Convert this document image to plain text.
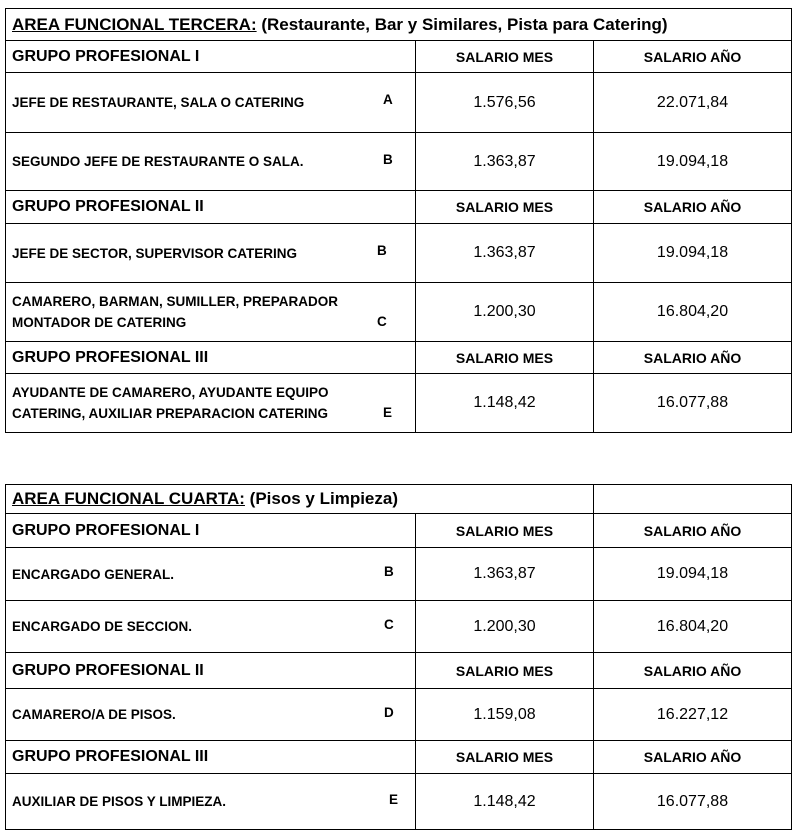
AREA FUNCIONAL TERCERA: (Restaurante, Bar y Similares, Pista para Catering)		
GRUPO PROFESIONAL I	SALARIO MES	SALARIO AÑO

JEFE DE RESTAURANTE, SALA O CATERING A	1.576,56	22.071,84

SEGUNDO JEFE DE RESTAURANTE O SALA. B	1.363,87	19.094,18
GRUPO PROFESIONAL II	SALARIO MES	SALARIO AÑO

JEFE DE SECTOR, SUPERVISOR CATERING B	1.363,87	19.094,18

CAMARERO, BARMAN, SUMILLER, PREPARADOR
MONTADOR DE CATERING C	1.200,30	16.804,20
GRUPO PROFESIONAL III	SALARIO MES	SALARIO AÑO

AYUDANTE DE CAMARERO, AYUDANTE EQUIPO
CATERING, AUXILIAR PREPARACION CATERING E	1.148,42	16.077,88
AREA FUNCIONAL CUARTA: (Pisos y Limpieza)		
GRUPO PROFESIONAL I	SALARIO MES	SALARIO AÑO

ENCARGADO GENERAL. B	1.363,87	19.094,18

ENCARGADO DE SECCION. C	1.200,30	16.804,20
GRUPO PROFESIONAL II	SALARIO MES	SALARIO AÑO

CAMARERO/A DE PISOS. D	1.159,08	16.227,12
GRUPO PROFESIONAL III	SALARIO MES	SALARIO AÑO

AUXILIAR DE PISOS Y LIMPIEZA. E	1.148,42	16.077,88
